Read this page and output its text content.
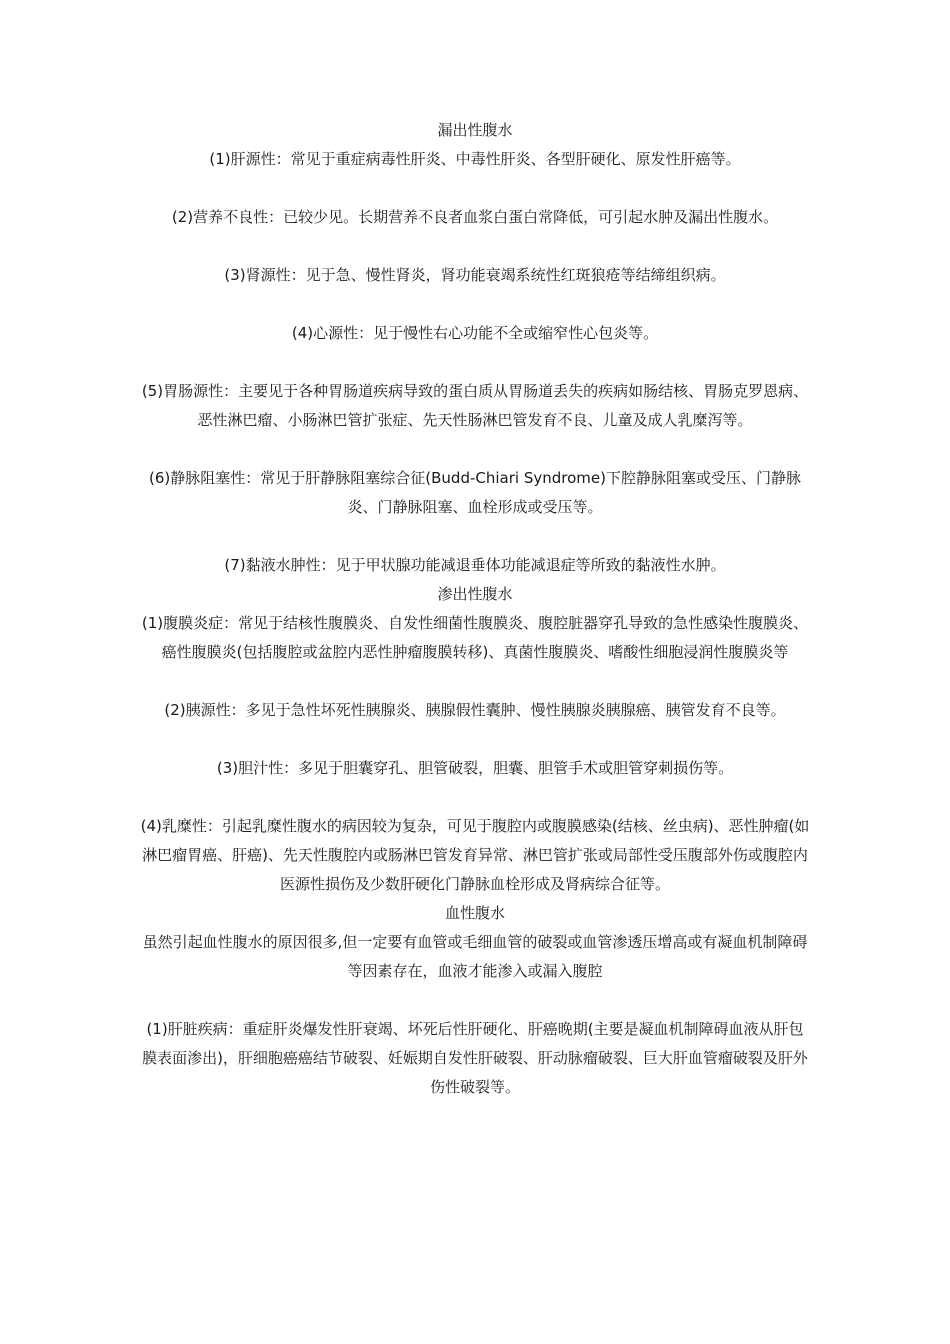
漏出性腹水

(1)肝源性：常见于重症病毒性肝炎、中毒性肝炎、各型肝硬化、原发性肝癌等。

(2)营养不良性：已较少见。长期营养不良者血浆白蛋白常降低，可引起水肿及漏出性腹水。

(3)肾源性：见于急、慢性肾炎，肾功能衰竭系统性红斑狼疮等结缔组织病。

(4)心源性：见于慢性右心功能不全或缩窄性心包炎等。

(5)胃肠源性：主要见于各种胃肠道疾病导致的蛋白质从胃肠道丢失的疾病如肠结核、胃肠克罗恩病、恶性淋巴瘤、小肠淋巴管扩张症、先天性肠淋巴管发育不良、儿童及成人乳糜泻等。

(6)静脉阻塞性：常见于肝静脉阻塞综合征(Budd-Chiari Syndrome)下腔静脉阻塞或受压、门静脉炎、门静脉阻塞、血栓形成或受压等。

(7)黏液水肿性：见于甲状腺功能减退垂体功能减退症等所致的黏液性水肿。

渗出性腹水

(1)腹膜炎症：常见于结核性腹膜炎、自发性细菌性腹膜炎、腹腔脏器穿孔导致的急性感染性腹膜炎、癌性腹膜炎(包括腹腔或盆腔内恶性肿瘤腹膜转移)、真菌性腹膜炎、嗜酸性细胞浸润性腹膜炎等

(2)胰源性：多见于急性坏死性胰腺炎、胰腺假性囊肿、慢性胰腺炎胰腺癌、胰管发育不良等。

(3)胆汁性：多见于胆囊穿孔、胆管破裂，胆囊、胆管手术或胆管穿刺损伤等。

(4)乳糜性：引起乳糜性腹水的病因较为复杂，可见于腹腔内或腹膜感染(结核、丝虫病)、恶性肿瘤(如淋巴瘤胃癌、肝癌)、先天性腹腔内或肠淋巴管发育异常、淋巴管扩张或局部性受压腹部外伤或腹腔内医源性损伤及少数肝硬化门静脉血栓形成及肾病综合征等。

血性腹水

虽然引起血性腹水的原因很多,但一定要有血管或毛细血管的破裂或血管渗透压增高或有凝血机制障碍等因素存在，血液才能渗入或漏入腹腔

(1)肝脏疾病：重症肝炎爆发性肝衰竭、坏死后性肝硬化、肝癌晚期(主要是凝血机制障碍血液从肝包膜表面渗出)，肝细胞癌癌结节破裂、妊娠期自发性肝破裂、肝动脉瘤破裂、巨大肝血管瘤破裂及肝外伤性破裂等。
